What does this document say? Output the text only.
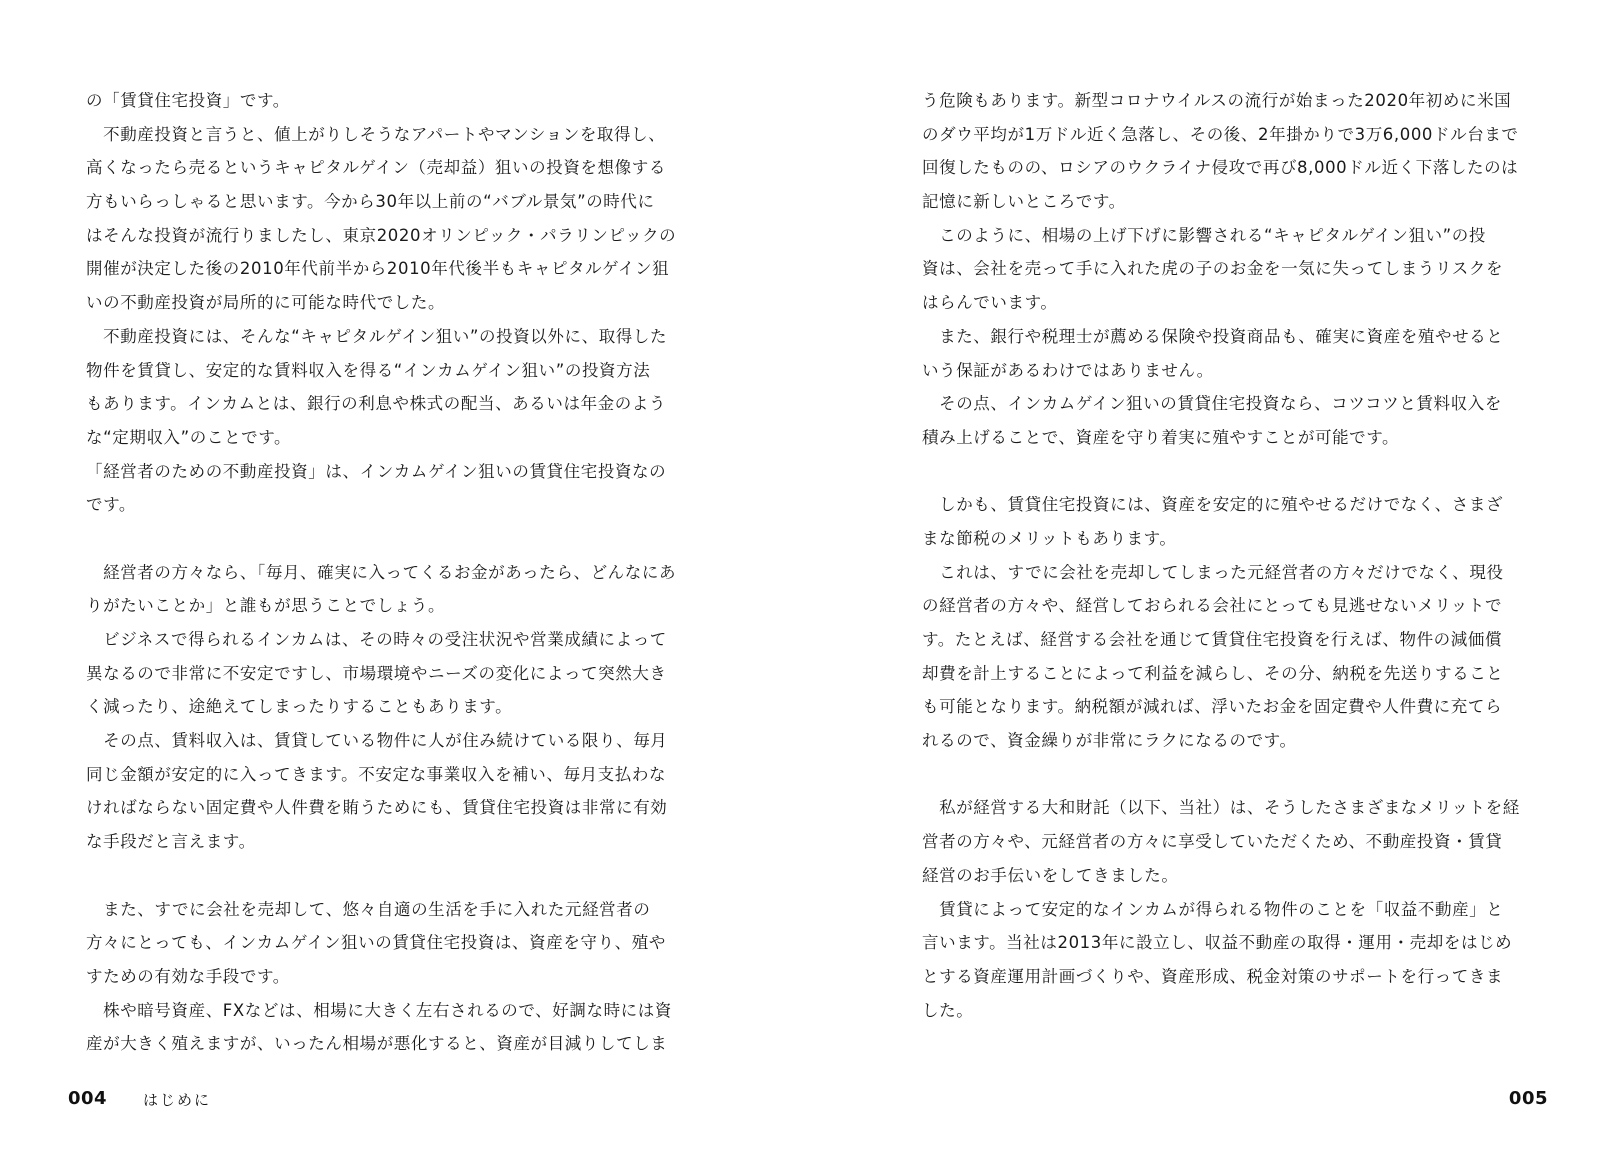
の「賃貸住宅投資」です。
　不動産投資と言うと、値上がりしそうなアパートやマンションを取得し、
高くなったら売るというキャピタルゲイン（売却益）狙いの投資を想像する
方もいらっしゃると思います。今から30年以上前の“バブル景気”の時代に
はそんな投資が流行りましたし、東京2020オリンピック・パラリンピックの
開催が決定した後の2010年代前半から2010年代後半もキャピタルゲイン狙
いの不動産投資が局所的に可能な時代でした。
　不動産投資には、そんな“キャピタルゲイン狙い”の投資以外に、取得した
物件を賃貸し、安定的な賃料収入を得る“インカムゲイン狙い”の投資方法
もあります。インカムとは、銀行の利息や株式の配当、あるいは年金のよう
な“定期収入”のことです。
「経営者のための不動産投資」は、インカムゲイン狙いの賃貸住宅投資なの
です。
　経営者の方々なら、「毎月、確実に入ってくるお金があったら、どんなにあ
りがたいことか」と誰もが思うことでしょう。
　ビジネスで得られるインカムは、その時々の受注状況や営業成績によって
異なるので非常に不安定ですし、市場環境やニーズの変化によって突然大き
く減ったり、途絶えてしまったりすることもあります。
　その点、賃料収入は、賃貸している物件に人が住み続けている限り、毎月
同じ金額が安定的に入ってきます。不安定な事業収入を補い、毎月支払わな
ければならない固定費や人件費を賄うためにも、賃貸住宅投資は非常に有効
な手段だと言えます。
　また、すでに会社を売却して、悠々自適の生活を手に入れた元経営者の
方々にとっても、インカムゲイン狙いの賃貸住宅投資は、資産を守り、殖や
すための有効な手段です。
　株や暗号資産、FXなどは、相場に大きく左右されるので、好調な時には資
産が大きく殖えますが、いったん相場が悪化すると、資産が目減りしてしま
う危険もあります。新型コロナウイルスの流行が始まった2020年初めに米国
のダウ平均が1万ドル近く急落し、その後、2年掛かりで3万6,000ドル台まで
回復したものの、ロシアのウクライナ侵攻で再び8,000ドル近く下落したのは
記憶に新しいところです。
　このように、相場の上げ下げに影響される“キャピタルゲイン狙い”の投
資は、会社を売って手に入れた虎の子のお金を一気に失ってしまうリスクを
はらんでいます。
　また、銀行や税理士が薦める保険や投資商品も、確実に資産を殖やせると
いう保証があるわけではありません。
　その点、インカムゲイン狙いの賃貸住宅投資なら、コツコツと賃料収入を
積み上げることで、資産を守り着実に殖やすことが可能です。
　しかも、賃貸住宅投資には、資産を安定的に殖やせるだけでなく、さまざ
まな節税のメリットもあります。
　これは、すでに会社を売却してしまった元経営者の方々だけでなく、現役
の経営者の方々や、経営しておられる会社にとっても見逃せないメリットで
す。たとえば、経営する会社を通じて賃貸住宅投資を行えば、物件の減価償
却費を計上することによって利益を減らし、その分、納税を先送りすること
も可能となります。納税額が減れば、浮いたお金を固定費や人件費に充てら
れるので、資金繰りが非常にラクになるのです。
　私が経営する大和財託（以下、当社）は、そうしたさまざまなメリットを経
営者の方々や、元経営者の方々に享受していただくため、不動産投資・賃貸
経営のお手伝いをしてきました。
　賃貸によって安定的なインカムが得られる物件のことを「収益不動産」と
言います。当社は2013年に設立し、収益不動産の取得・運用・売却をはじめ
とする資産運用計画づくりや、資産形成、税金対策のサポートを行ってきま
した。
004 はじめに	005
